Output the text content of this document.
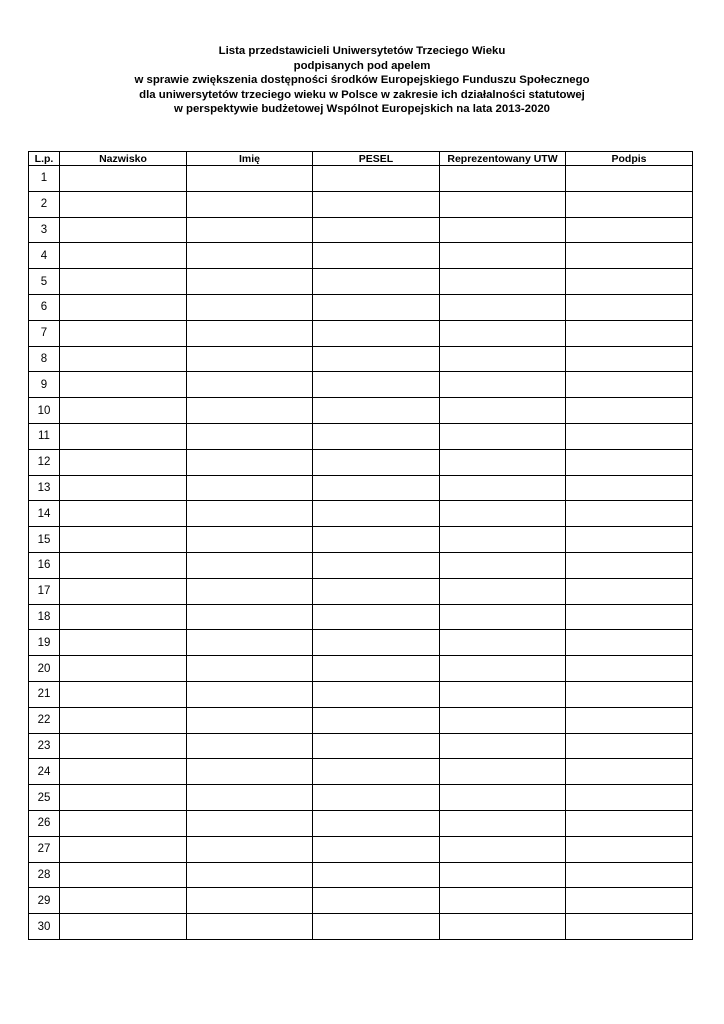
Lista przedstawicieli Uniwersytetów Trzeciego Wieku
podpisanych pod apelem
w sprawie zwiększenia dostępności środków Europejskiego Funduszu Społecznego
dla uniwersytetów trzeciego wieku w Polsce w zakresie ich działalności statutowej
w perspektywie budżetowej Wspólnot Europejskich na lata 2013-2020
L.p.	Nazwisko	Imię	PESEL	Reprezentowany UTW	Podpis
1					
2					
3					
4					
5					
6					
7					
8					
9					
10					
11					
12					
13					
14					
15					
16					
17					
18					
19					
20					
21					
22					
23					
24					
25					
26					
27					
28					
29					
30					
